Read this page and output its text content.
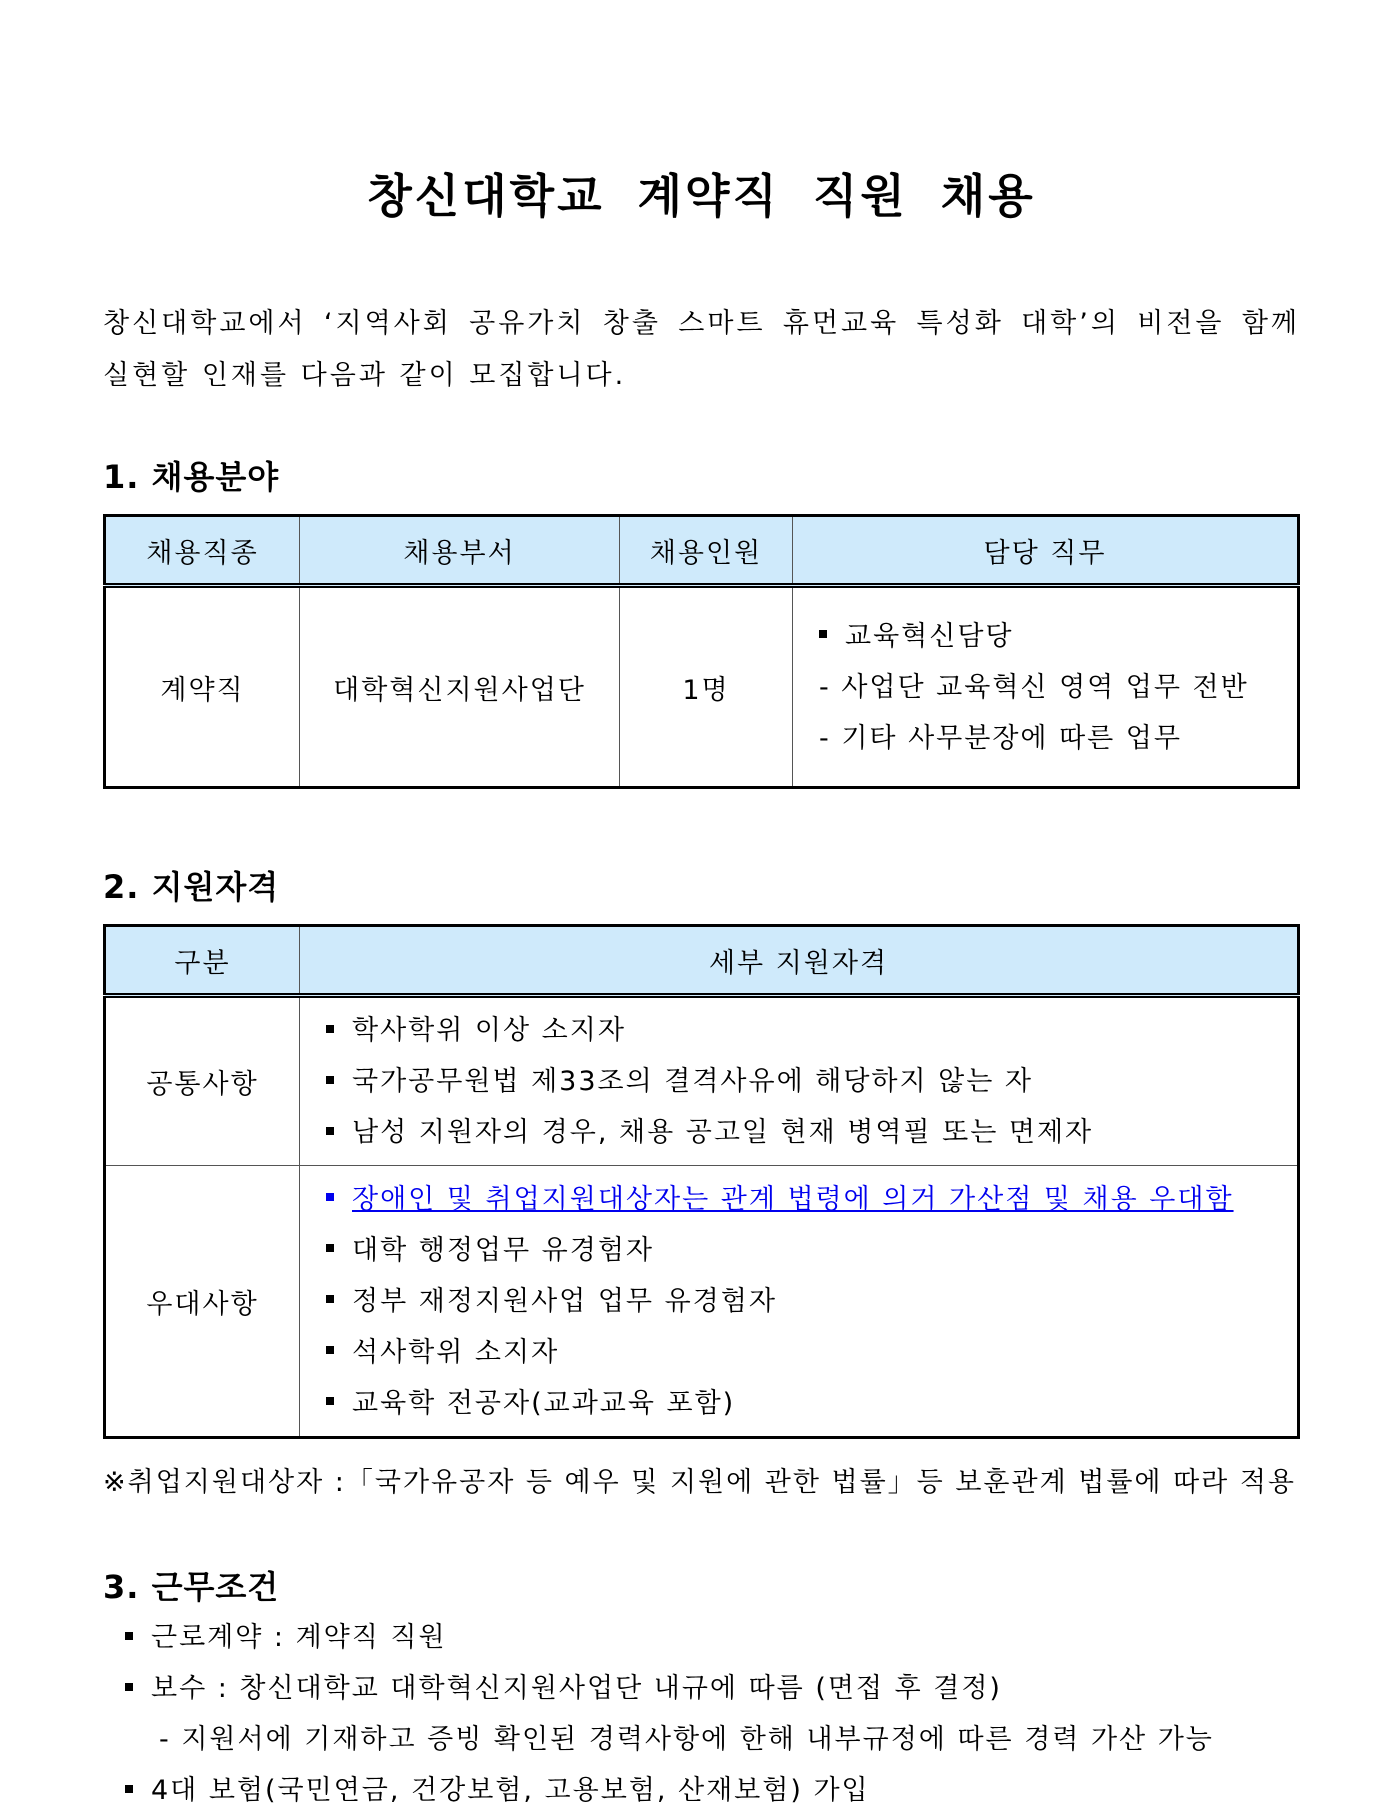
창신대학교 계약직 직원 채용

창신대학교에서 ‘지역사회 공유가치 창출 스마트 휴먼교육 특성화 대학’의 비전을 함께

실현할 인재를 다음과 같이 모집합니다.

1. 채용분야
채용직종	채용부서	채용인원	담당 직무
계약직	대학혁신지원사업단	1명	교육혁신담당
- 사업단 교육혁신 영역 업무 전반
- 기타 사무분장에 따른 업무
2. 지원자격
구분	세부 지원자격
공통사항	학사학위 이상 소지자
국가공무원법 제33조의 결격사유에 해당하지 않는 자
남성 지원자의 경우, 채용 공고일 현재 병역필 또는 면제자

우대사항	장애인 및 취업지원대상자는 관계 법령에 의거 가산점 및 채용 우대함
대학 행정업무 유경험자
정부 재정지원사업 업무 유경험자
석사학위 소지자
교육학 전공자(교과교육 포함)
※취업지원대상자 :「국가유공자 등 예우 및 지원에 관한 법률」등 보훈관계 법률에 따라 적용
3. 근무조건
근로계약 : 계약직 직원
보수 : 창신대학교 대학혁신지원사업단 내규에 따름 (면접 후 결정)
- 지원서에 기재하고 증빙 확인된 경력사항에 한해 내부규정에 따른 경력 가산 가능
4대 보험(국민연금, 건강보험, 고용보험, 산재보험) 가입
